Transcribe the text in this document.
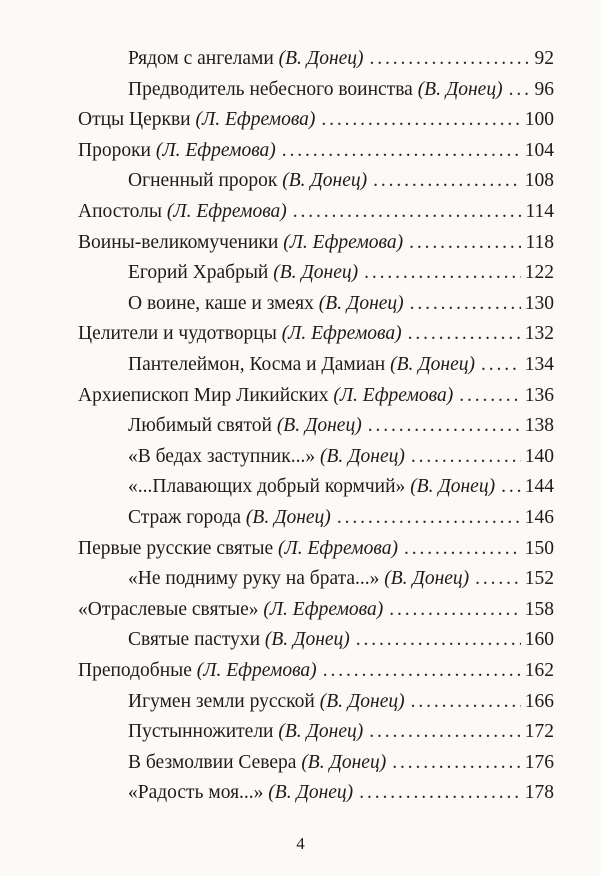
Рядом с ангелами (В. Донец) . . .	92
Предводитель небесного воинства (В. Донец) . . . 96
Отцы Церкви (Л. Ефремова) . . .	100
Пророки (Л. Ефремова) . . .	104
Огненный пророк (В. Донец) . . .	108
Апостолы (Л. Ефремова) . . .	114
Воины-великомученики (Л. Ефремова) . . .	118
Егорий Храбрый (В. Донец) . . .	122
О воине, каше и змеях (В. Донец) . . .	130
Целители и чудотворцы (Л. Ефремова) . . .	132
Пантелеймон, Косма и Дамиан (В. Донец) . . .	134
Архиепископ Мир Ликийских (Л. Ефремова) . . .	136
Любимый святой (В. Донец) . . .	138
«В бедах заступник...» (В. Донец) . . .	140
«...Плавающих добрый кормчий» (В. Донец) . . . 144
Страж города (В. Донец) . . .	146
Первые русские святые (Л. Ефремова) . . .	150
«Не подниму руку на брата...» (В. Донец) . . .	152
«Отраслевые святые» (Л. Ефремова) . . .	158
Святые пастухи (В. Донец) . . .	160
Преподобные (Л. Ефремова) . . .	162
Игумен земли русской (В. Донец) . . .	166
Пустынножители (В. Донец) . . .	172
В безмолвии Севера (В. Донец) . . .	176
«Радость моя...» (В. Донец) . . .	178
4
